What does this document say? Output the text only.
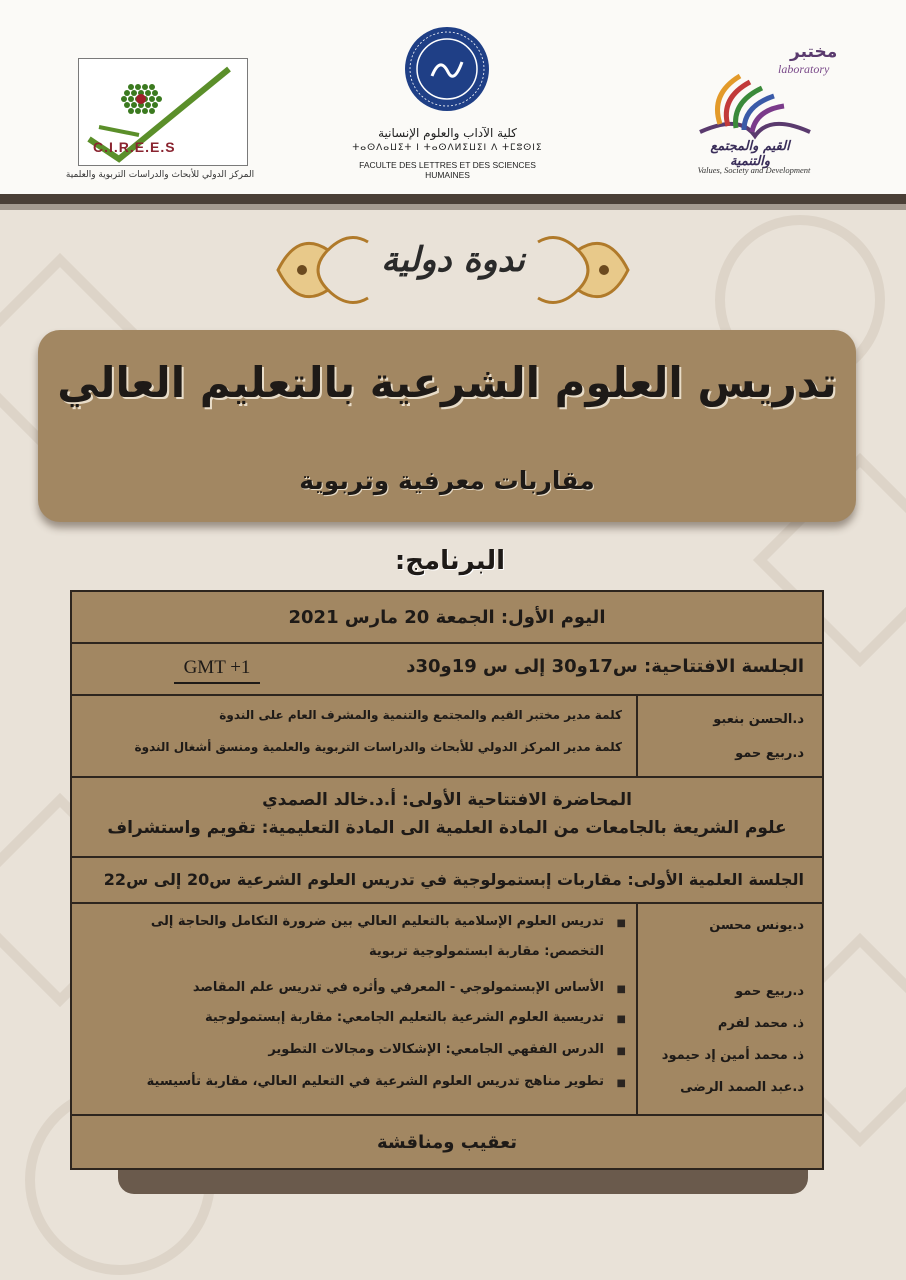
C.I.R.E.E.S
المركز الدولي للأبحاث والدراسات التربوية والعلمية
كلية الآداب والعلوم الإنسانية
ⵜⴰⵙⴷⴰⵡⵉⵜ ⵏ ⵜⴰⵙⴷⵍⵉⵡⵉⵏ ⴷ ⵜⵎⵓⵙⵏⵉ
FACULTE DES LETTRES ET DES SCIENCES HUMAINES
مختبر
laboratory
القيم والمجتمع والتنمية
Values, Society and Development
ندوة دولية
تدريس العلوم الشرعية بالتعليم العالي
مقاربات معرفية وتربوية
البرنامج:
اليوم الأول: الجمعة 20 مارس 2021
الجلسة الافتتاحية: س17و30 إلى س 19و30د
GMT +1
د.الحسن بنعبو
د.ربيع حمو
كلمة مدير مختبر القيم والمجتمع والتنمية والمشرف العام على الندوة
كلمة مدير المركز الدولي للأبحاث والدراسات التربوية والعلمية ومنسق أشغال الندوة
المحاضرة الافتتاحية الأولى: أ.د.خالد الصمدي
علوم الشريعة بالجامعات من المادة العلمية الى المادة التعليمية: تقويم واستشراف
الجلسة العلمية الأولى: مقاربات إبستمولوجية في تدريس العلوم الشرعية س20 إلى س22
د.يونس محسن
د.ربيع حمو
ذ. محمد لفرم
ذ. محمد أمين إد حيمود
د.عبد الصمد الرضى
■
تدريس العلوم الإسلامية بالتعليم العالي بين ضرورة التكامل والحاجة إلى
التخصص: مقاربة ابستمولوجية تربوية
■
الأساس الإبستمولوجي - المعرفي وأثره في تدريس علم المقاصد
■
تدريسية العلوم الشرعية بالتعليم الجامعي: مقاربة إبستمولوجية
■
الدرس الفقهي الجامعي: الإشكالات ومجالات التطوير
■
تطوير مناهج تدريس العلوم الشرعية في التعليم العالي، مقاربة تأسيسية
تعقيب ومناقشة
